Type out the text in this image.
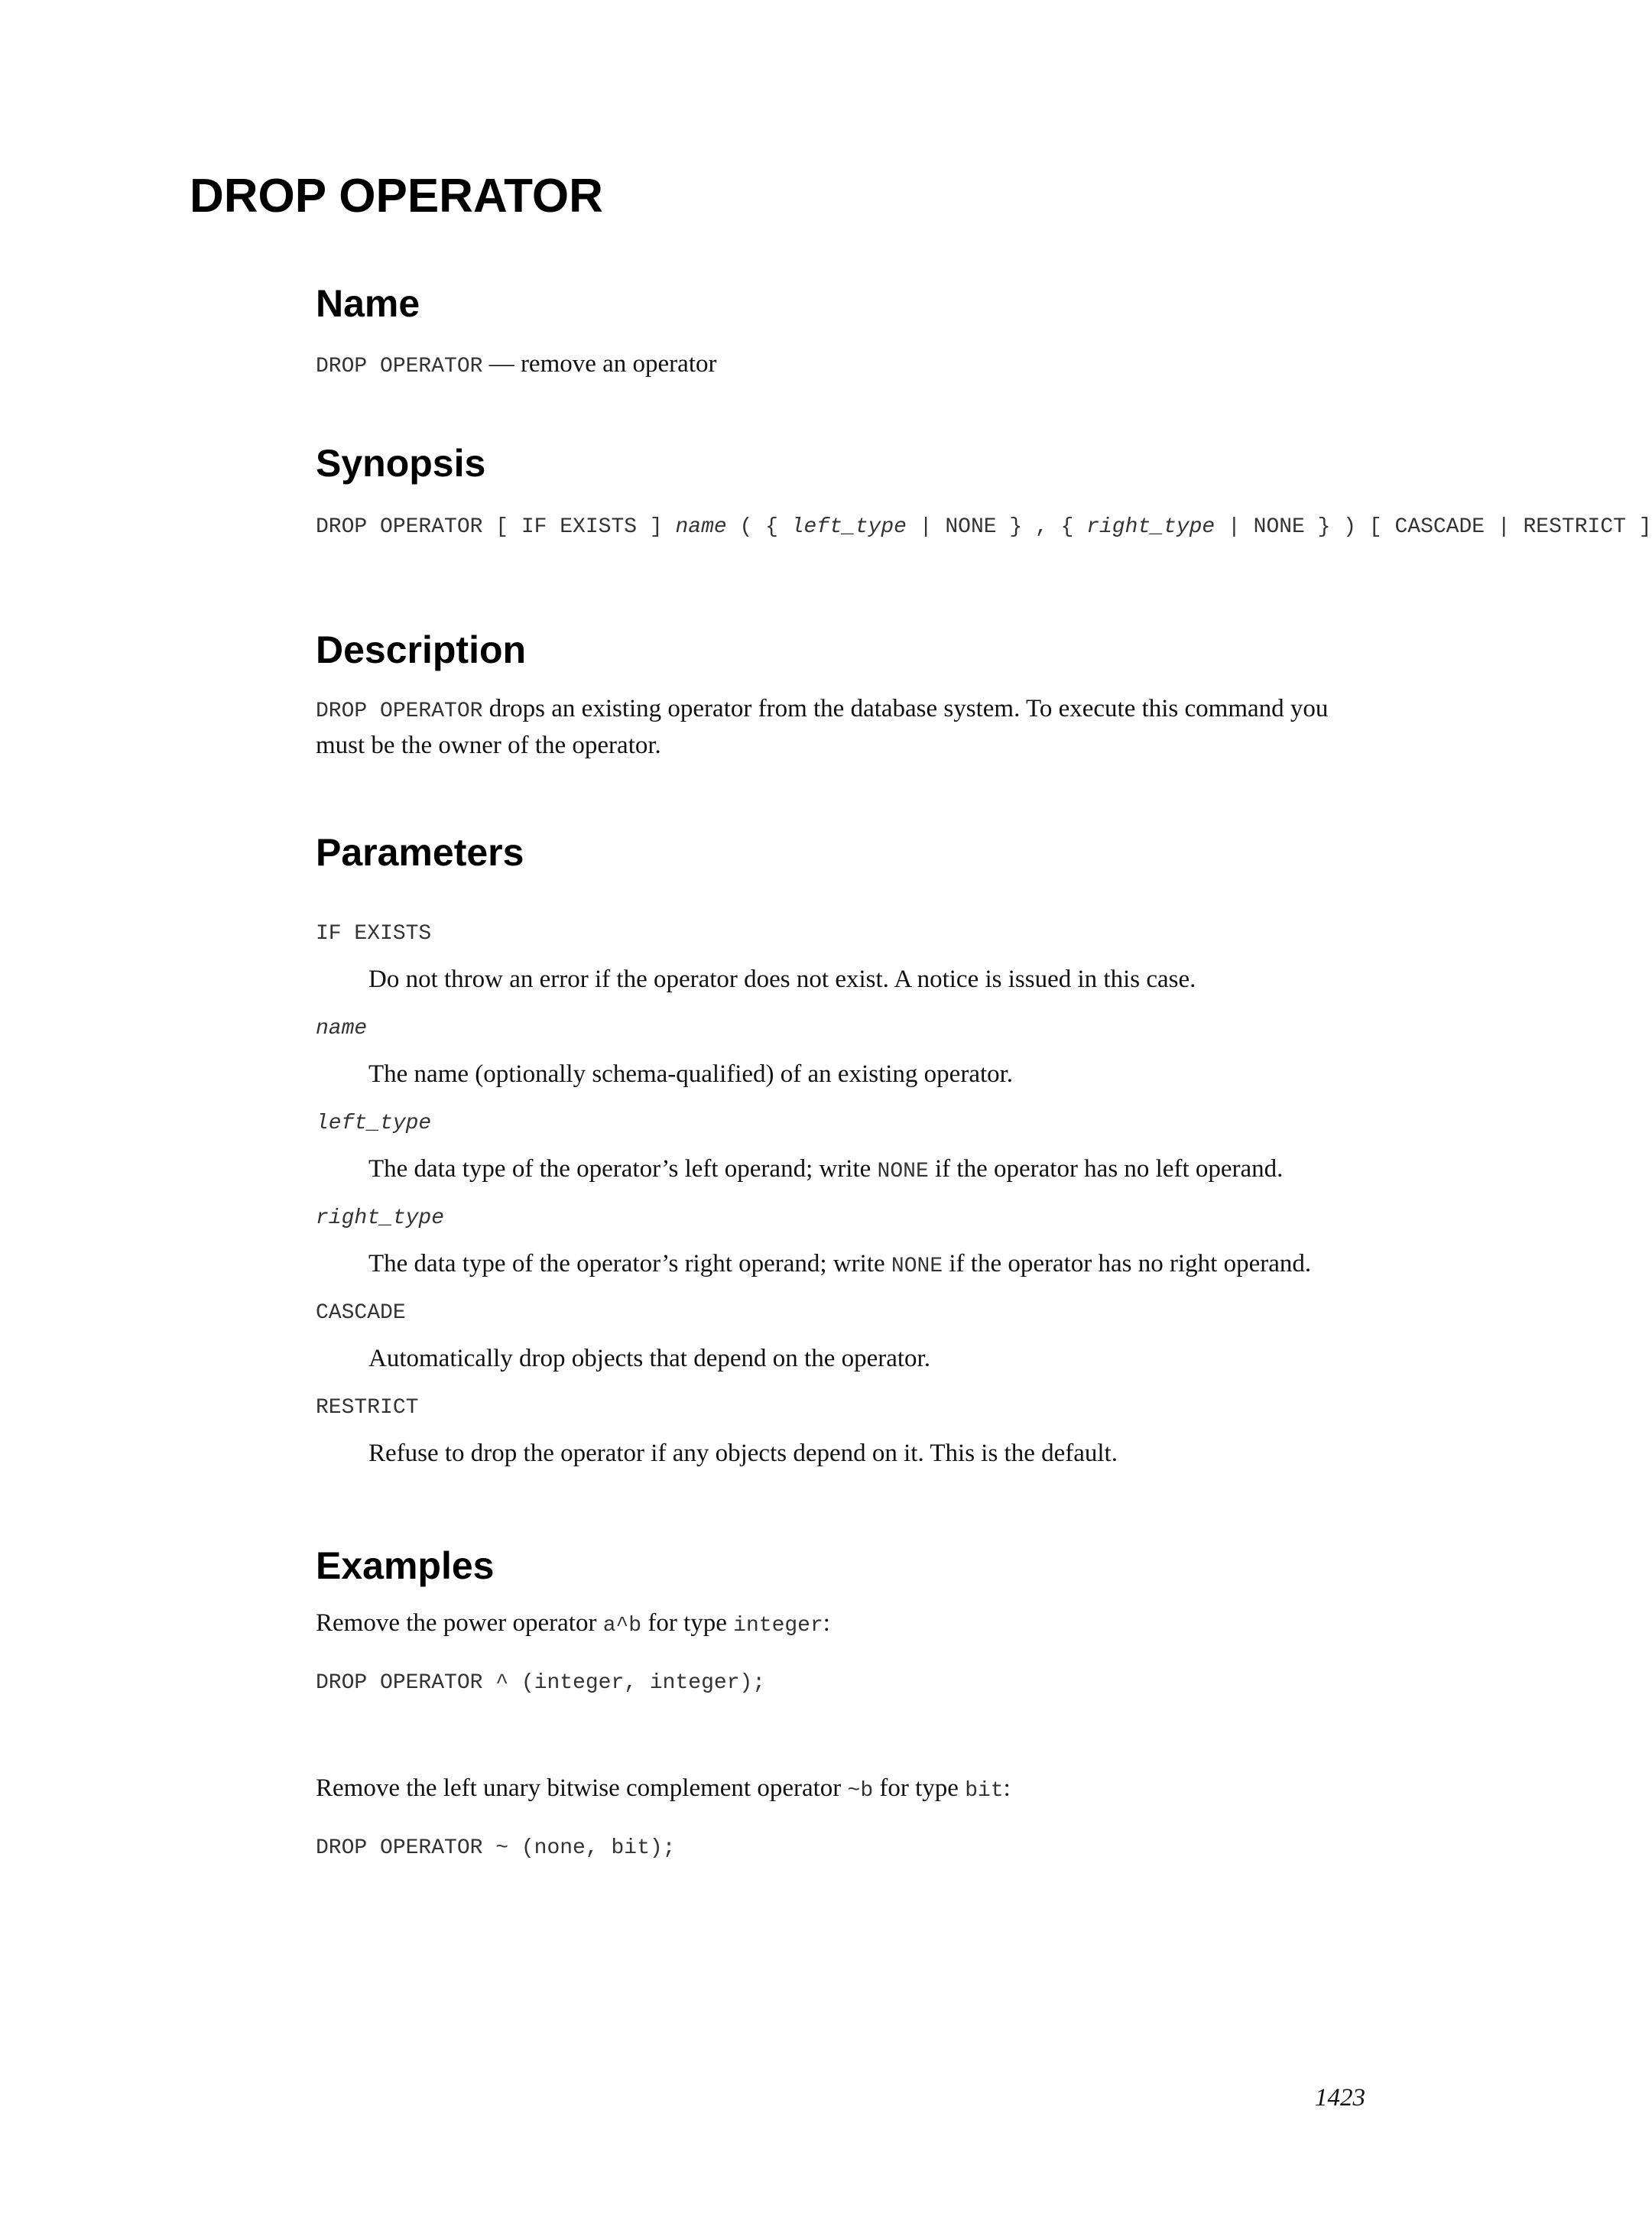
DROP OPERATOR
Name
DROP OPERATOR — remove an operator
Synopsis
DROP OPERATOR [ IF EXISTS ] name ( { left_type | NONE } , { right_type | NONE } ) [ CASCADE | RESTRICT ]
Description

DROP OPERATOR drops an existing operator from the database system. To execute this command you
must be the owner of the operator.

Parameters
IF EXISTS
Do not throw an error if the operator does not exist. A notice is issued in this case.
name
The name (optionally schema-qualified) of an existing operator.
left_type
The data type of the operator’s left operand; write NONE if the operator has no left operand.
right_type
The data type of the operator’s right operand; write NONE if the operator has no right operand.
CASCADE
Automatically drop objects that depend on the operator.
RESTRICT
Refuse to drop the operator if any objects depend on it. This is the default.
Examples
Remove the power operator a^b for type integer:
DROP OPERATOR ^ (integer, integer);
Remove the left unary bitwise complement operator ~b for type bit:
DROP OPERATOR ~ (none, bit);
1423
